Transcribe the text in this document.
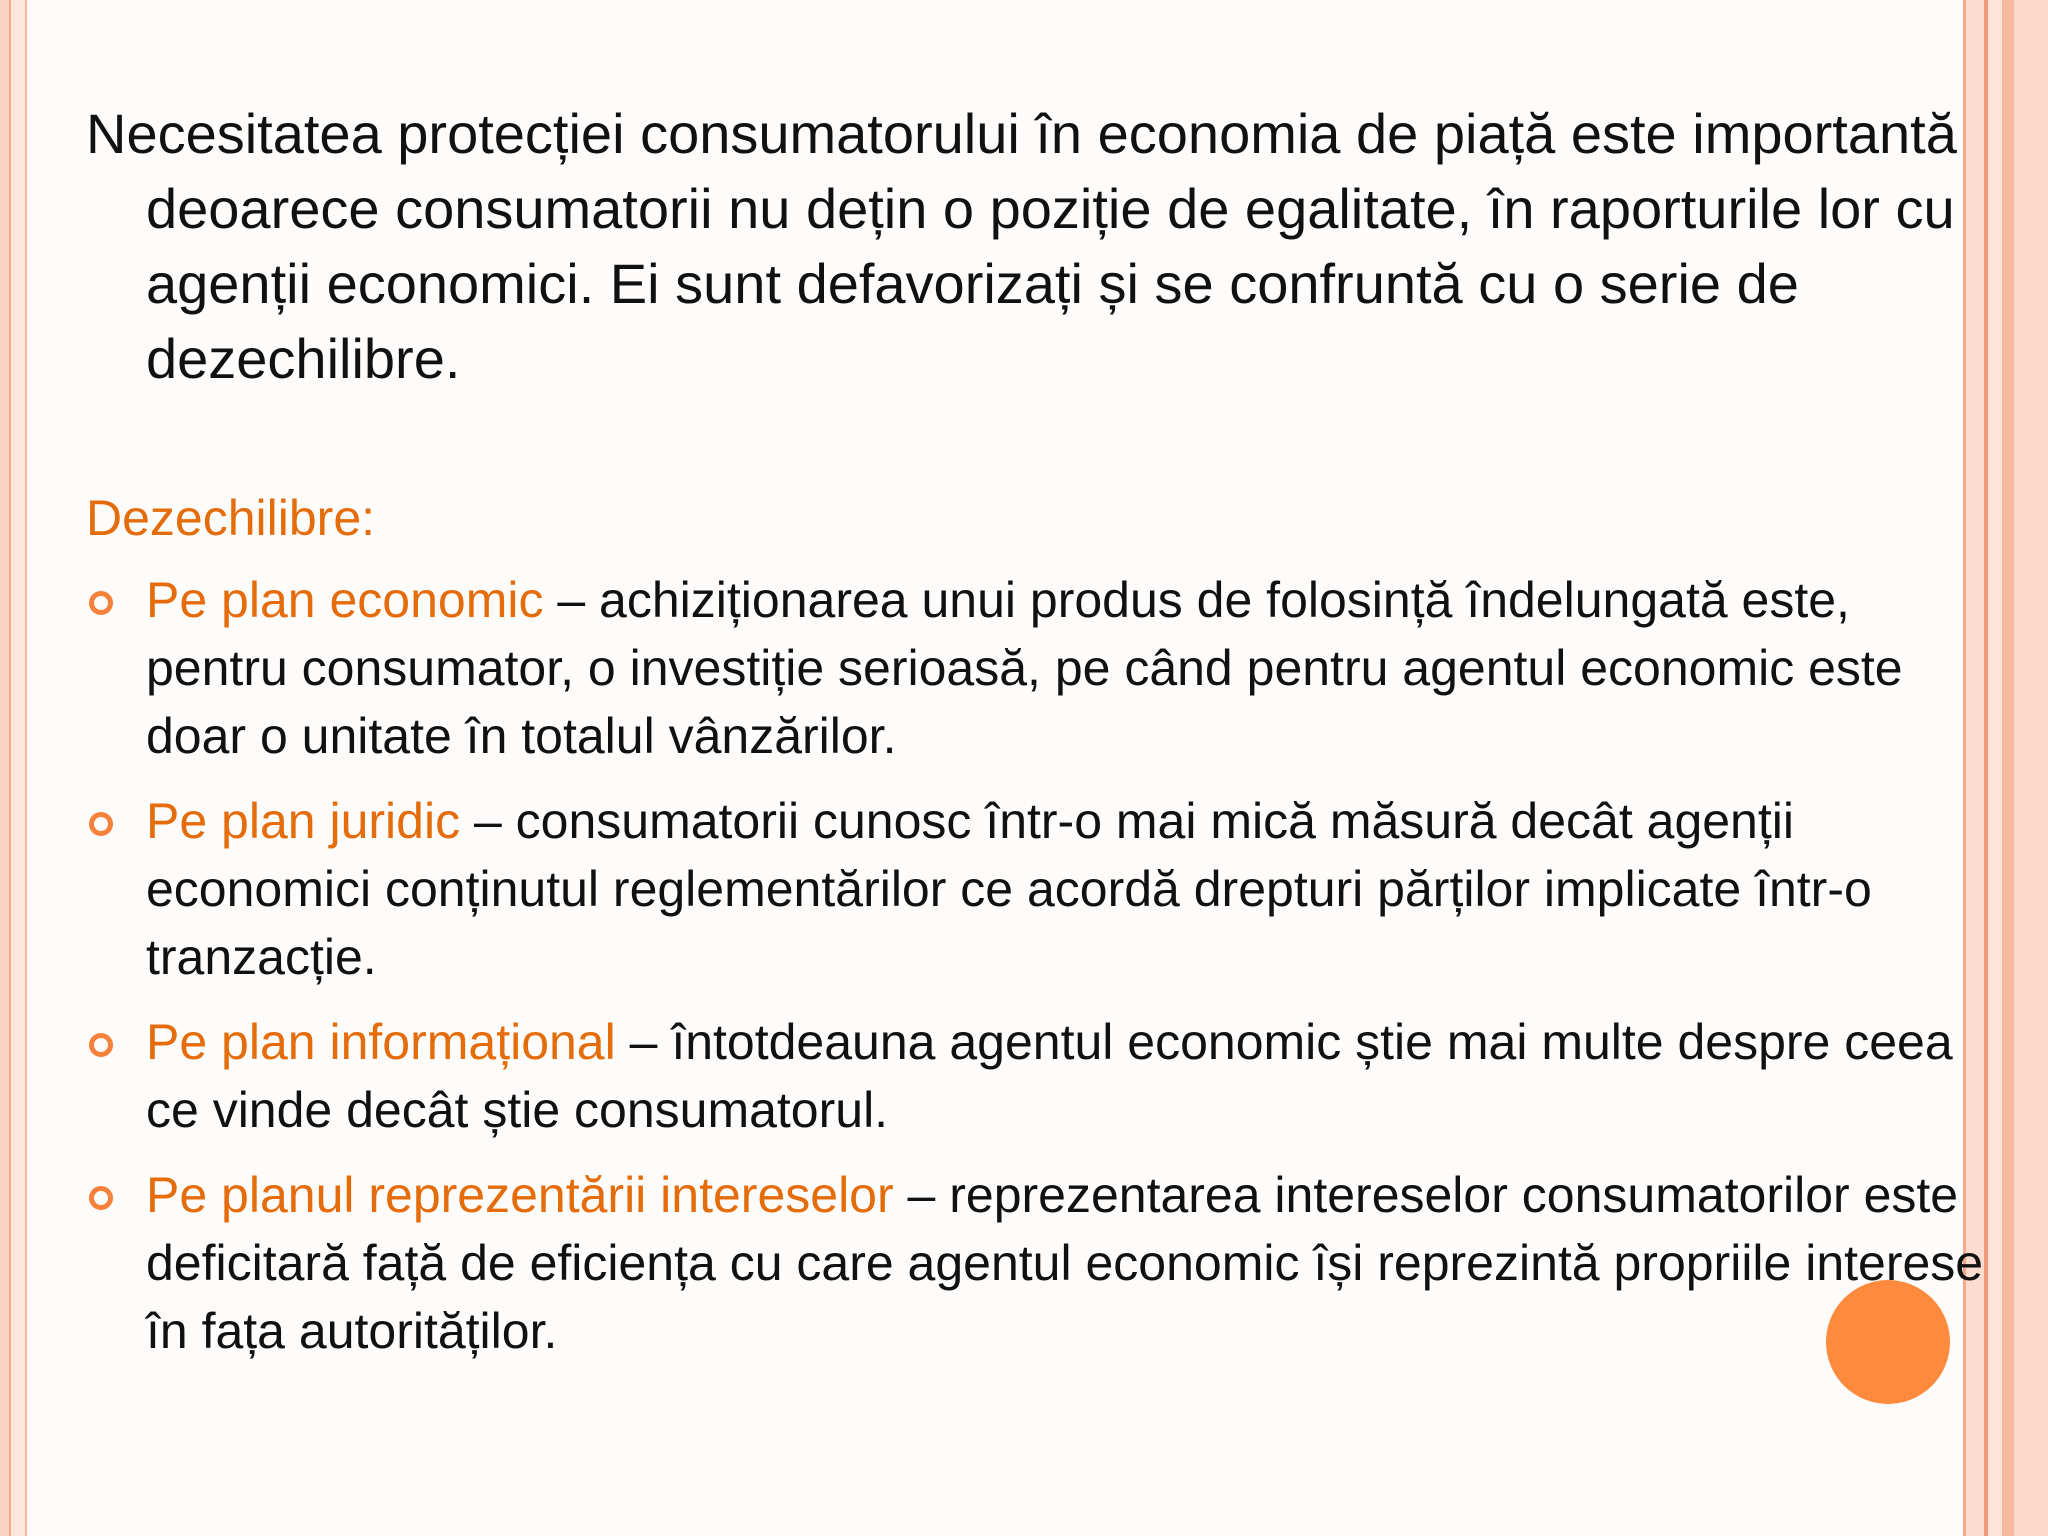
Necesitatea protecției consumatorului în economia de piață este importantă deoarece consumatorii nu dețin o poziție de egalitate, în raporturile lor cu agenții economici. Ei sunt defavorizați și se confruntă cu o serie de dezechilibre.

Dezechilibre:

Pe plan economic – achiziționarea unui produs de folosință îndelungată este, pentru consumator, o investiție serioasă, pe când pentru agentul economic este doar o unitate în totalul vânzărilor.
Pe plan juridic – consumatorii cunosc într-o mai mică măsură decât agenții economici conținutul reglementărilor ce acordă drepturi părților implicate într-o tranzacție.
Pe plan informațional – întotdeauna agentul economic știe mai multe despre ceea ce vinde decât știe consumatorul.
Pe planul reprezentării intereselor – reprezentarea intereselor consumatorilor este deficitară față de eficiența cu care agentul economic își reprezintă propriile interese în fața autorităților.
